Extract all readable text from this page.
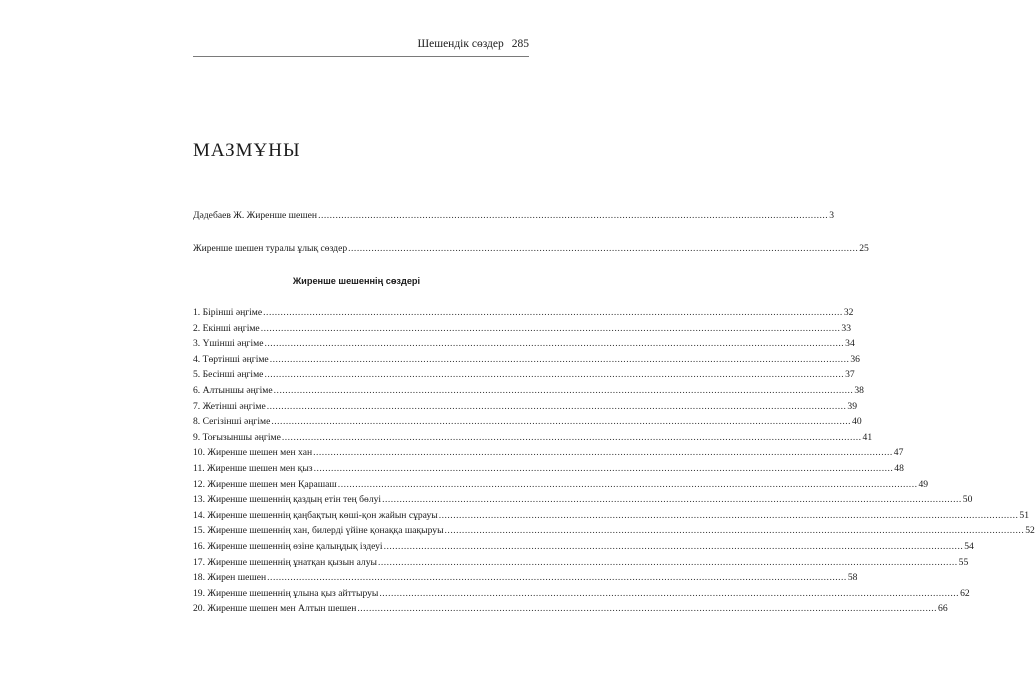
Шешендік сөздер 285
МАЗМҰНЫ
Дәдебаев Ж. Жиренше шешен ................................................................................................................................................................................ 3
Жиренше шешен туралы ұлық сөздер ................................................................................................................................................................................ 25
Жиренше шешеннің сөздері
1. Бірінші әңгіме ........................................................................................................................................................................................................ 32
2. Екінші әңгіме ........................................................................................................................................................................................................ 33
3. Үшінші әңгіме ........................................................................................................................................................................................................ 34
4. Төртінші әңгіме ........................................................................................................................................................................................................ 36
5. Бесінші әңгіме ........................................................................................................................................................................................................ 37
6. Алтыншы әңгіме ........................................................................................................................................................................................................ 38
7. Жетінші әңгіме ........................................................................................................................................................................................................ 39
8. Сегізінші әңгіме ........................................................................................................................................................................................................ 40
9. Тоғызыншы әңгіме ........................................................................................................................................................................................................ 41
10. Жиренше шешен мен хан ........................................................................................................................................................................................................ 47
11. Жиренше шешен мен қыз ........................................................................................................................................................................................................ 48
12. Жиренше шешен мен Қарашаш ........................................................................................................................................................................................................ 49
13. Жиренше шешеннің қаздың етін тең бөлуі ........................................................................................................................................................................................................ 50
14. Жиренше шешеннің қаңбақтың көші-қон жайын сұрауы ........................................................................................................................................................................................................ 51
15. Жиренше шешеннің хан, билерді үйіне қонаққа шақыруы ........................................................................................................................................................................................................ 52
16. Жиренше шешеннің өзіне қалыңдық іздеуі ........................................................................................................................................................................................................ 54
17. Жиренше шешеннің ұнатқан қызын алуы ........................................................................................................................................................................................................ 55
18. Жирен шешен ........................................................................................................................................................................................................ 58
19. Жиренше шешеннің ұлына қыз айттыруы ........................................................................................................................................................................................................ 62
20. Жиренше шешен мен Алтын шешен ........................................................................................................................................................................................................ 66
